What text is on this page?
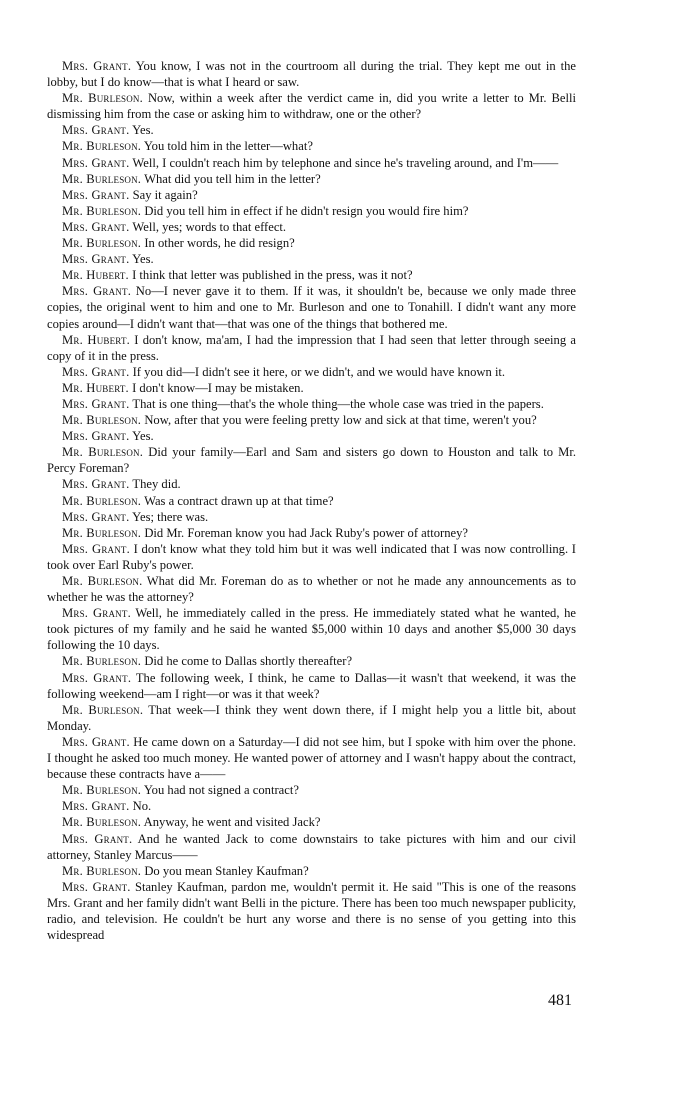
Mrs. Grant. You know, I was not in the courtroom all during the trial. They kept me out in the lobby, but I do know—that is what I heard or saw.

Mr. Burleson. Now, within a week after the verdict came in, did you write a letter to Mr. Belli dismissing him from the case or asking him to withdraw, one or the other?

Mrs. Grant. Yes.

Mr. Burleson. You told him in the letter—what?

Mrs. Grant. Well, I couldn't reach him by telephone and since he's traveling around, and I'm——

Mr. Burleson. What did you tell him in the letter?

Mrs. Grant. Say it again?

Mr. Burleson. Did you tell him in effect if he didn't resign you would fire him?

Mrs. Grant. Well, yes; words to that effect.

Mr. Burleson. In other words, he did resign?

Mrs. Grant. Yes.

Mr. Hubert. I think that letter was published in the press, was it not?

Mrs. Grant. No—I never gave it to them. If it was, it shouldn't be, because we only made three copies, the original went to him and one to Mr. Burleson and one to Tonahill. I didn't want any more copies around—I didn't want that—that was one of the things that bothered me.

Mr. Hubert. I don't know, ma'am, I had the impression that I had seen that letter through seeing a copy of it in the press.

Mrs. Grant. If you did—I didn't see it here, or we didn't, and we would have known it.

Mr. Hubert. I don't know—I may be mistaken.

Mrs. Grant. That is one thing—that's the whole thing—the whole case was tried in the papers.

Mr. Burleson. Now, after that you were feeling pretty low and sick at that time, weren't you?

Mrs. Grant. Yes.

Mr. Burleson. Did your family—Earl and Sam and sisters go down to Houston and talk to Mr. Percy Foreman?

Mrs. Grant. They did.

Mr. Burleson. Was a contract drawn up at that time?

Mrs. Grant. Yes; there was.

Mr. Burleson. Did Mr. Foreman know you had Jack Ruby's power of attorney?

Mrs. Grant. I don't know what they told him but it was well indicated that I was now controlling. I took over Earl Ruby's power.

Mr. Burleson. What did Mr. Foreman do as to whether or not he made any announcements as to whether he was the attorney?

Mrs. Grant. Well, he immediately called in the press. He immediately stated what he wanted, he took pictures of my family and he said he wanted $5,000 within 10 days and another $5,000 30 days following the 10 days.

Mr. Burleson. Did he come to Dallas shortly thereafter?

Mrs. Grant. The following week, I think, he came to Dallas—it wasn't that weekend, it was the following weekend—am I right—or was it that week?

Mr. Burleson. That week—I think they went down there, if I might help you a little bit, about Monday.

Mrs. Grant. He came down on a Saturday—I did not see him, but I spoke with him over the phone. I thought he asked too much money. He wanted power of attorney and I wasn't happy about the contract, because these contracts have a——

Mr. Burleson. You had not signed a contract?

Mrs. Grant. No.

Mr. Burleson. Anyway, he went and visited Jack?

Mrs. Grant. And he wanted Jack to come downstairs to take pictures with him and our civil attorney, Stanley Marcus——

Mr. Burleson. Do you mean Stanley Kaufman?

Mrs. Grant. Stanley Kaufman, pardon me, wouldn't permit it. He said "This is one of the reasons Mrs. Grant and her family didn't want Belli in the picture. There has been too much newspaper publicity, radio, and television. He couldn't be hurt any worse and there is no sense of you getting into this widespread

481
